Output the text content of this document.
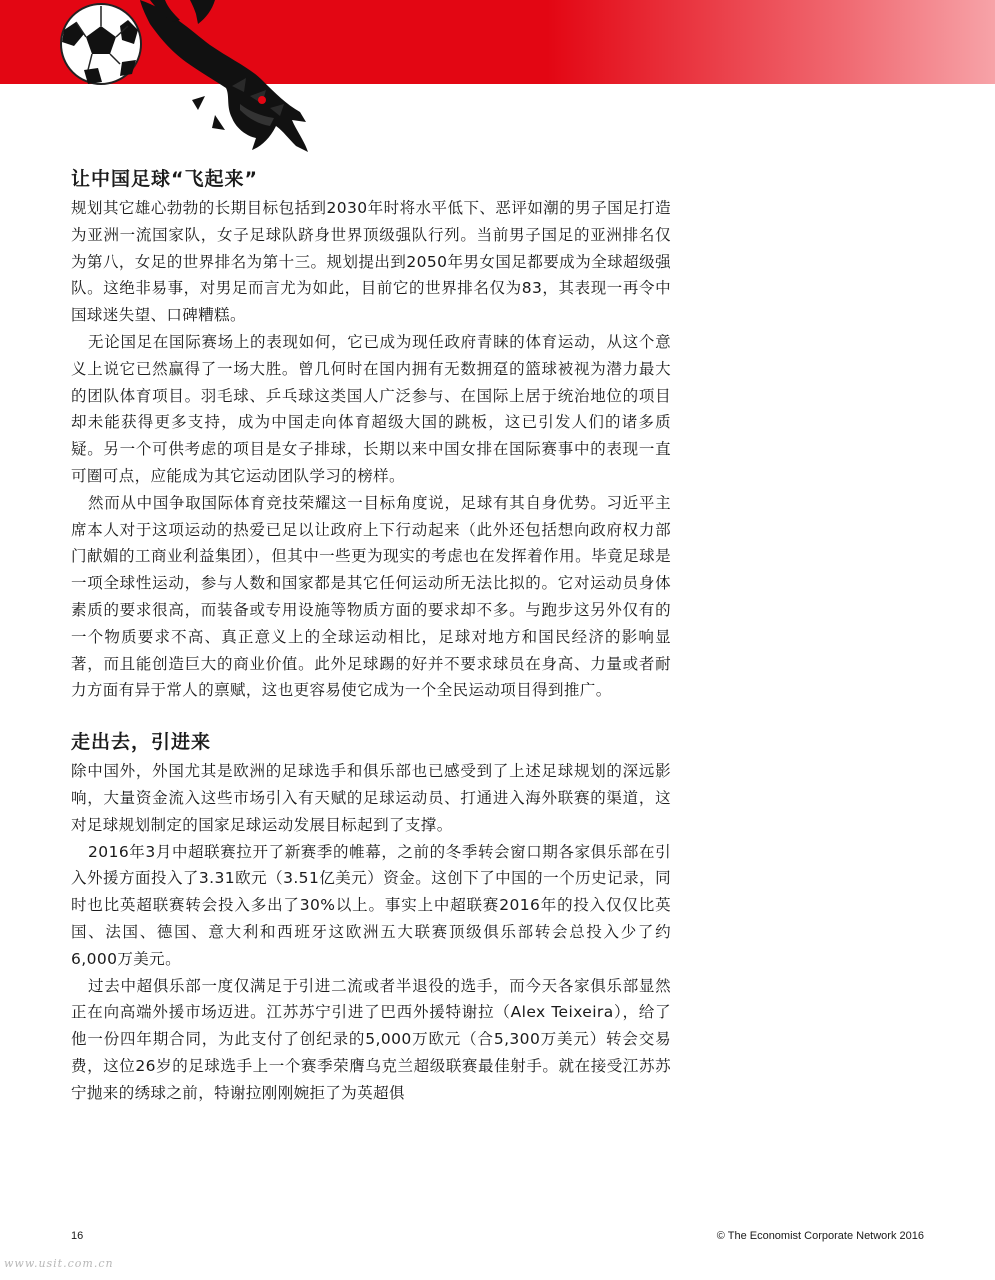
让中国足球“飞起来”

规划其它雄心勃勃的长期目标包括到2030年时将水平低下、恶评如潮的男子国足打造为亚洲一流国家队，女子足球队跻身世界顶级强队行列。当前男子国足的亚洲排名仅为第八，女足的世界排名为第十三。规划提出到2050年男女国足都要成为全球超级强队。这绝非易事，对男足而言尤为如此，目前它的世界排名仅为83，其表现一再令中国球迷失望、口碑糟糕。

无论国足在国际赛场上的表现如何，它已成为现任政府青睐的体育运动，从这个意义上说它已然赢得了一场大胜。曾几何时在国内拥有无数拥趸的篮球被视为潜力最大的团队体育项目。羽毛球、乒乓球这类国人广泛参与、在国际上居于统治地位的项目却未能获得更多支持，成为中国走向体育超级大国的跳板，这已引发人们的诸多质疑。另一个可供考虑的项目是女子排球，长期以来中国女排在国际赛事中的表现一直可圈可点，应能成为其它运动团队学习的榜样。

然而从中国争取国际体育竞技荣耀这一目标角度说，足球有其自身优势。习近平主席本人对于这项运动的热爱已足以让政府上下行动起来（此外还包括想向政府权力部门献媚的工商业利益集团），但其中一些更为现实的考虑也在发挥着作用。毕竟足球是一项全球性运动，参与人数和国家都是其它任何运动所无法比拟的。它对运动员身体素质的要求很高，而装备或专用设施等物质方面的要求却不多。与跑步这另外仅有的一个物质要求不高、真正意义上的全球运动相比，足球对地方和国民经济的影响显著，而且能创造巨大的商业价值。此外足球踢的好并不要求球员在身高、力量或者耐力方面有异于常人的禀赋，这也更容易使它成为一个全民运动项目得到推广。

走出去，引进来

除中国外，外国尤其是欧洲的足球选手和俱乐部也已感受到了上述足球规划的深远影响，大量资金流入这些市场引入有天赋的足球运动员、打通进入海外联赛的渠道，这对足球规划制定的国家足球运动发展目标起到了支撑。

2016年3月中超联赛拉开了新赛季的帷幕，之前的冬季转会窗口期各家俱乐部在引入外援方面投入了3.31欧元（3.51亿美元）资金。这创下了中国的一个历史记录，同时也比英超联赛转会投入多出了30%以上。事实上中超联赛2016年的投入仅仅比英国、法国、德国、意大利和西班牙这欧洲五大联赛顶级俱乐部转会总投入少了约6,000万美元。

过去中超俱乐部一度仅满足于引进二流或者半退役的选手，而今天各家俱乐部显然正在向高端外援市场迈进。江苏苏宁引进了巴西外援特谢拉（Alex Teixeira），给了他一份四年期合同，为此支付了创纪录的5,000万欧元（合5,300万美元）转会交易费，这位26岁的足球选手上一个赛季荣膺乌克兰超级联赛最佳射手。就在接受江苏苏宁抛来的绣球之前，特谢拉刚刚婉拒了为英超俱

16	© The Economist Corporate Network 2016
www.usit.com.cn
